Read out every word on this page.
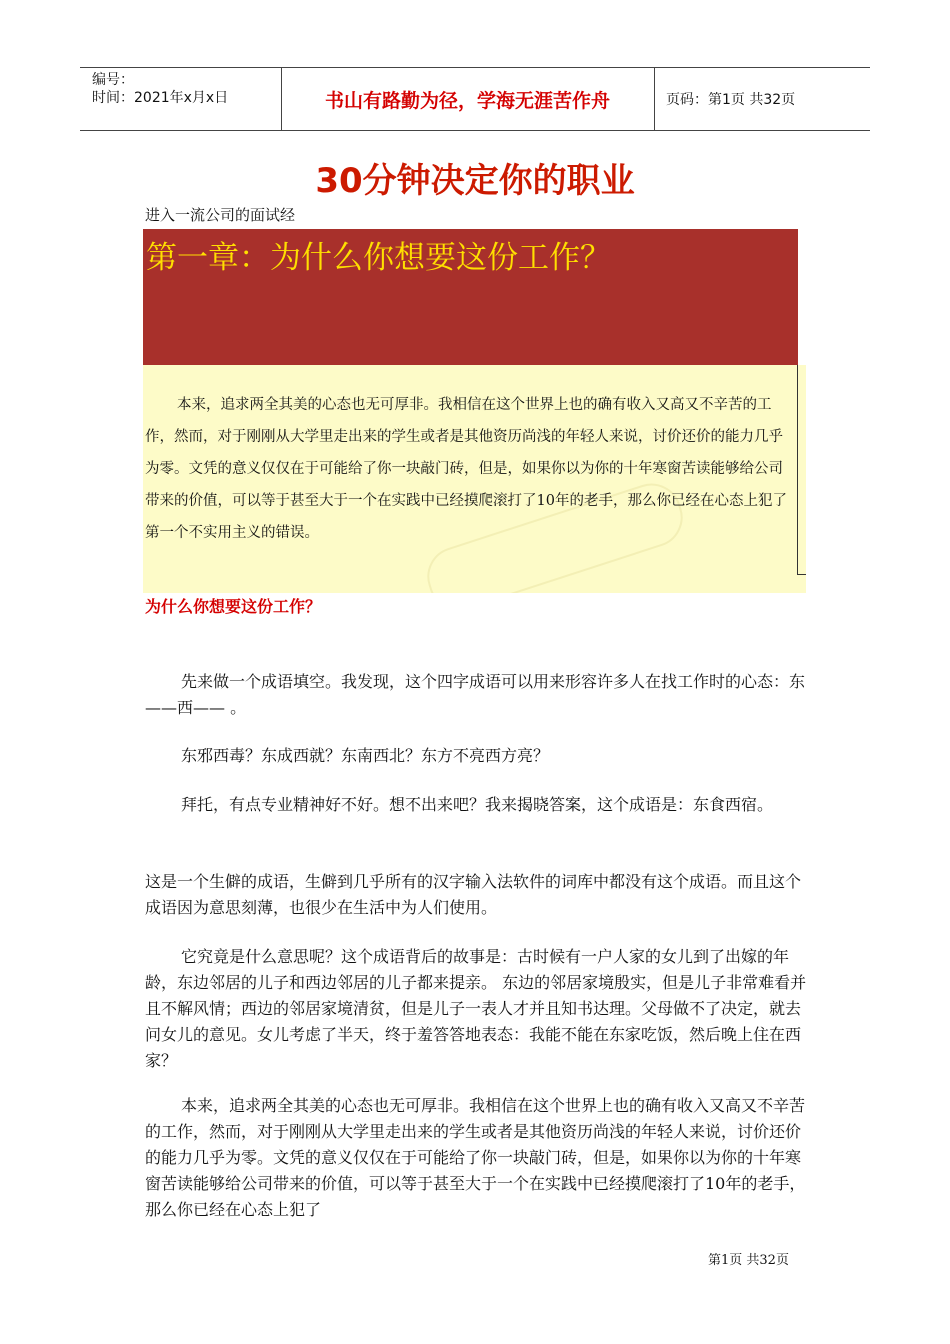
编号：
时间：2021年x月x日	书山有路勤为径，学海无涯苦作舟	页码：第1页 共32页
30分钟决定你的职业
进入一流公司的面试经
第一章：为什么你想要这份工作？

本来，追求两全其美的心态也无可厚非。我相信在这个世界上也的确有收入又高又不辛苦的工作，然而，对于刚刚从大学里走出来的学生或者是其他资历尚浅的年轻人来说，讨价还价的能力几乎为零。文凭的意义仅仅在于可能给了你一块敲门砖，但是，如果你以为你的十年寒窗苦读能够给公司带来的价值，可以等于甚至大于一个在实践中已经摸爬滚打了10年的老手，那么你已经在心态上犯了第一个不实用主义的错误。

为什么你想要这份工作？

先来做一个成语填空。我发现，这个四字成语可以用来形容许多人在找工作时的心态：东——西—— 。

东邪西毒？东成西就？东南西北？东方不亮西方亮？

拜托，有点专业精神好不好。想不出来吧？我来揭晓答案，这个成语是：东食西宿。

这是一个生僻的成语，生僻到几乎所有的汉字输入法软件的词库中都没有这个成语。而且这个成语因为意思刻薄，也很少在生活中为人们使用。

它究竟是什么意思呢？这个成语背后的故事是：古时候有一户人家的女儿到了出嫁的年龄，东边邻居的儿子和西边邻居的儿子都来提亲。 东边的邻居家境殷实，但是儿子非常难看并且不解风情；西边的邻居家境清贫，但是儿子一表人才并且知书达理。父母做不了决定，就去问女儿的意见。女儿考虑了半天，终于羞答答地表态：我能不能在东家吃饭，然后晚上住在西家？

本来，追求两全其美的心态也无可厚非。我相信在这个世界上也的确有收入又高又不辛苦的工作，然而，对于刚刚从大学里走出来的学生或者是其他资历尚浅的年轻人来说，讨价还价的能力几乎为零。文凭的意义仅仅在于可能给了你一块敲门砖，但是，如果你以为你的十年寒窗苦读能够给公司带来的价值，可以等于甚至大于一个在实践中已经摸爬滚打了10年的老手，那么你已经在心态上犯了

第1页 共32页
